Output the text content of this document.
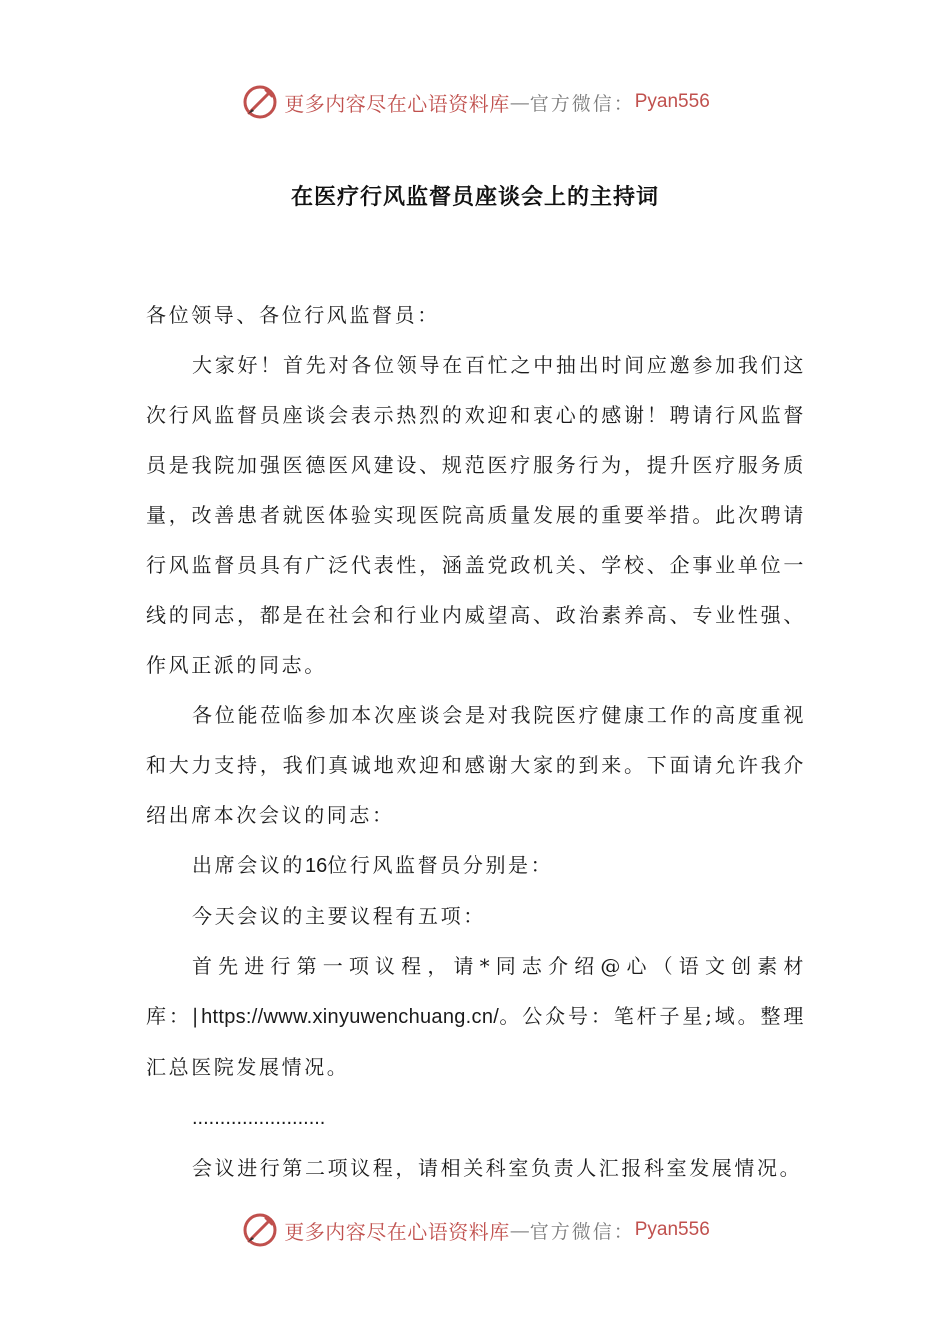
更多内容尽在心语资料库 — 官方微信： Pyan556
在医疗行风监督员座谈会上的主持词

各位领导、各位行风监督员：

大家好！首先对各位领导在百忙之中抽出时间应邀参加我们这次行风监督员座谈会表示热烈的欢迎和衷心的感谢！聘请行风监督员是我院加强医德医风建设、规范医疗服务行为，提升医疗服务质量，改善患者就医体验实现医院高质量发展的重要举措。此次聘请行风监督员具有广泛代表性，涵盖党政机关、学校、企事业单位一线的同志，都是在社会和行业内威望高、政治素养高、专业性强、作风正派的同志。

各位能莅临参加本次座谈会是对我院医疗健康工作的高度重视和大力支持，我们真诚地欢迎和感谢大家的到来。下面请允许我介绍出席本次会议的同志：

出席会议的16位行风监督员分别是：

今天会议的主要议程有五项：

首先进行第一项议程，请*同志介绍@心（语文创素材库：|https://www.xinyuwenchuang.cn/。公众号：笔杆子星;域。整理汇总医院发展情况。

........................

会议进行第二项议程，请相关科室负责人汇报科室发展情况。

更多内容尽在心语资料库 — 官方微信： Pyan556
